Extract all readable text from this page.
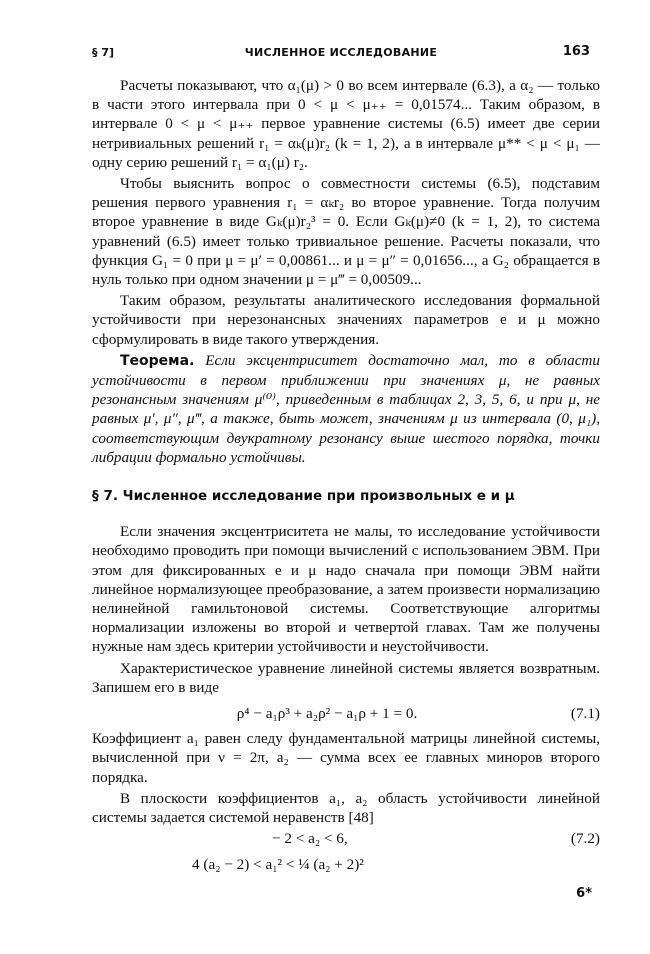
§ 7]	ЧИСЛЕННОЕ ИССЛЕДОВАНИЕ	163

Расчеты показывают, что α₁(μ) > 0 во всем интервале (6.3), а α₂ — только в части этого интервала при 0 < μ < μ₊₊ = 0,01574... Таким образом, в интервале 0 < μ < μ₊₊ первое уравнение системы (6.5) имеет две серии нетривиальных решений r₁ = αₖ(μ)r₂ (k = 1, 2), а в интервале μ** < μ < μ₁ — одну серию решений r₁ = α₁(μ) r₂.

Чтобы выяснить вопрос о совместности системы (6.5), подставим решения первого уравнения r₁ = αₖr₂ во второе уравнение. Тогда получим второе уравнение в виде Gₖ(μ)r₂³ = 0. Если Gₖ(μ)≠0 (k = 1, 2), то система уравнений (6.5) имеет только тривиальное решение. Расчеты показали, что функция G₁ = 0 при μ = μ′ = 0,00861... и μ = μ″ = 0,01656..., а G₂ обращается в нуль только при одном значении μ = μ‴ = 0,00509...

Таким образом, результаты аналитического исследования формальной устойчивости при нерезонансных значениях параметров e и μ можно сформулировать в виде такого утверждения.

Теорема. Если эксцентриситет достаточно мал, то в области устойчивости в первом приближении при значениях μ, не равных резонансным значениям μ⁽⁰⁾, приведенным в таблицах 2, 3, 5, 6, и при μ, не равных μ′, μ″, μ‴, а также, быть может, значениям μ из интервала (0, μ₁), соответствующим двукратному резонансу выше шестого порядка, точки либрации формально устойчивы.

§ 7. Численное исследование при произвольных e и μ

Если значения эксцентриситета не малы, то исследование устойчивости необходимо проводить при помощи вычислений с использованием ЭВМ. При этом для фиксированных e и μ надо сначала при помощи ЭВМ найти линейное нормализующее преобразование, а затем произвести нормализацию нелинейной гамильтоновой системы. Соответствующие алгоритмы нормализации изложены во второй и четвертой главах. Там же получены нужные нам здесь критерии устойчивости и неустойчивости.

Характеристическое уравнение линейной системы является возвратным. Запишем его в виде

ρ⁴ − a₁ρ³ + a₂ρ² − a₁ρ + 1 = 0.	(7.1)

Коэффициент a₁ равен следу фундаментальной матрицы линейной системы, вычисленной при ν = 2π, a₂ — сумма всех ее главных миноров второго порядка.

В плоскости коэффициентов a₁, a₂ область устойчивости линейной системы задается системой неравенств [48]

− 2 < a₂ < 6,
4 (a₂ − 2) < a₁² < ¼ (a₂ + 2)²
(7.2)
6*
